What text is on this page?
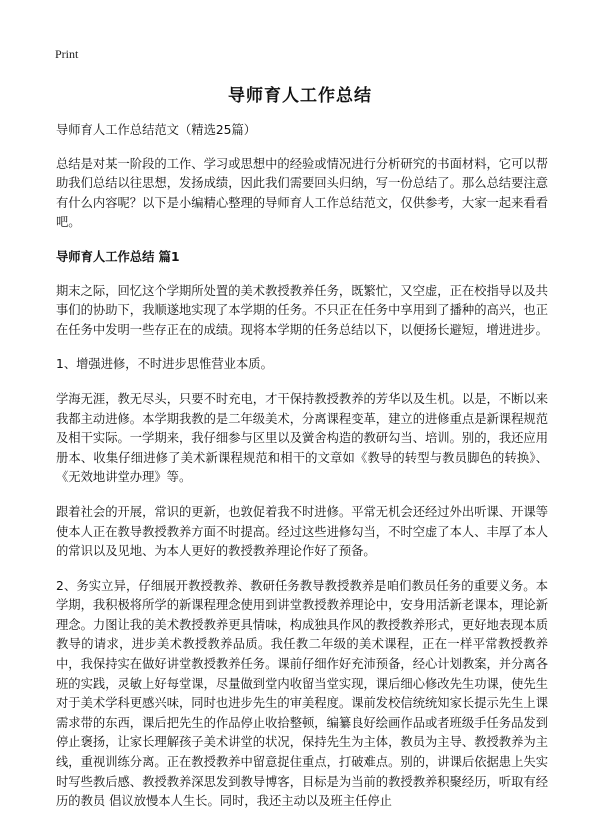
Print
导师育人工作总结

导师育人工作总结范文（精选25篇）

总结是对某一阶段的工作、学习或思想中的经验或情况进行分析研究的书面材料，它可以帮助我们总结以往思想，发扬成绩，因此我们需要回头归纳，写一份总结了。那么总结要注意有什么内容呢？以下是小编精心整理的导师育人工作总结范文，仅供参考，大家一起来看看吧。

导师育人工作总结 篇1

期末之际，回忆这个学期所处置的美术教授教养任务，既繁忙，又空虚，正在校指导以及共事们的协助下，我顺遂地实现了本学期的任务。不只正在任务中享用到了播种的高兴，也正在任务中发明一些存正在的成绩。现将本学期的任务总结以下，以便扬长避短，增进进步。

1、增强进修，不时进步思惟营业本质。

学海无涯，教无尽头，只要不时充电，才干保持教授教养的芳华以及生机。以是，不断以来我都主动进修。本学期我教的是二年级美术，分离课程变革，建立的进修重点是新课程规范及相干实际。一学期来，我仔细参与区里以及黉舍构造的教研勾当、培训。别的，我还应用册本、收集仔细进修了美术新课程规范和相干的文章如《教导的转型与教员脚色的转换》、《无效地讲堂办理》等。

跟着社会的开展，常识的更新，也敦促着我不时进修。平常无机会还经过外出听课、开课等使本人正在教导教授教养方面不时提高。经过这些进修勾当，不时空虚了本人、丰厚了本人的常识以及见地、为本人更好的教授教养理论作好了预备。

2、务实立异，仔细展开教授教养、教研任务教导教授教养是咱们教员任务的重要义务。本学期，我积极将所学的新课程理念使用到讲堂教授教养理论中，安身用活新老课本，理论新理念。力图让我的美术教授教养更具情味，构成独具作风的教授教养形式，更好地表现本质教导的请求，进步美术教授教养品质。我任教二年级的美术课程，正在一样平常教授教养中，我保持实在做好讲堂教授教养任务。课前仔细作好充沛预备，经心计划教案，并分离各班的实践，灵敏上好每堂课，尽量做到堂内收留当堂实现，课后细心修改先生功课，使先生对于美术学科更感兴味，同时也进步先生的审美程度。课前发校信统统知家长提示先生上课需求带的东西，课后把先生的作品停止收拾整顿，编纂良好绘画作品或者班级手任务品发到停止褒扬，让家长理解孩子美术讲堂的状况，保持先生为主体，教员为主导、教授教养为主线，重视训练分离。正在教授教养中留意捉住重点，打破难点。别的，讲课后依据患上失实时写些教后感、教授教养深思发到教导博客，目标是为当前的教授教养积聚经历，听取有经历的教员 倡议放慢本人生长。同时，我还主动以及班主任停止
